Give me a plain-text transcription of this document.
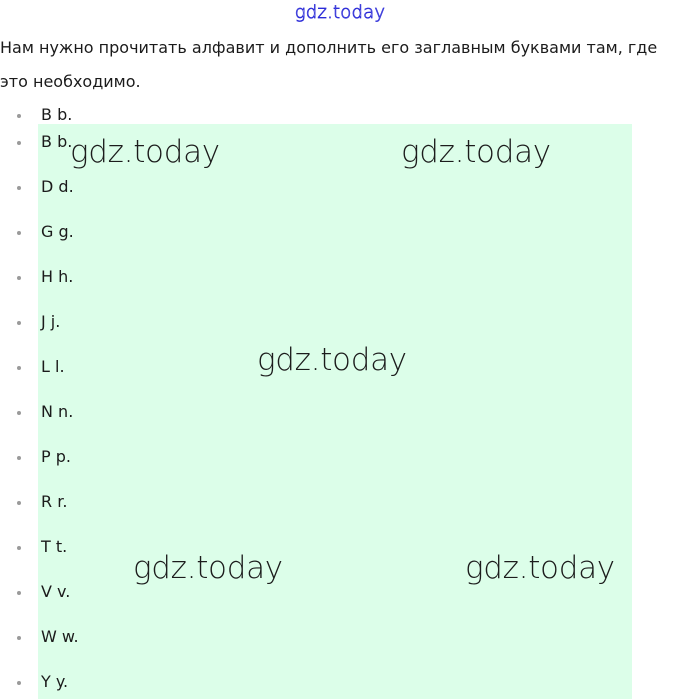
gdz.today

Нам нужно прочитать алфавит и дополнить его заглавным буквами там, где это необходимо.

B b.
B b.
D d.
G g.
H h.
J j.
L l.
N n.
P p.
R r.
T t.
V v.
W w.
Y y.
gdz.today	gdz.today
gdz.today
gdz.today	gdz.today
